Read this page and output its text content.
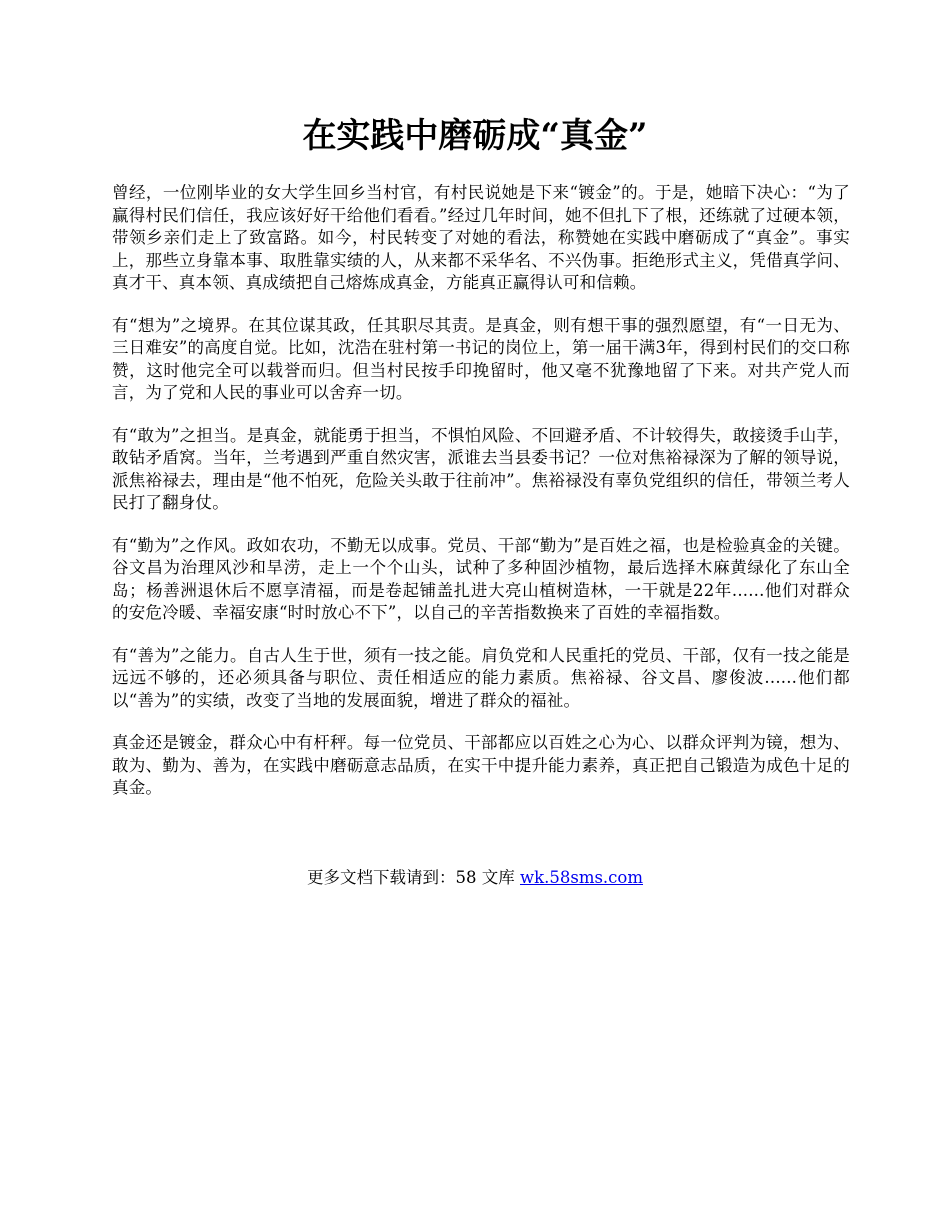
在实践中磨砺成“真金”

曾经，一位刚毕业的女大学生回乡当村官，有村民说她是下来“镀金”的。于是，她暗下决心：“为了赢得村民们信任，我应该好好干给他们看看。”经过几年时间，她不但扎下了根，还练就了过硬本领，带领乡亲们走上了致富路。如今，村民转变了对她的看法，称赞她在实践中磨砺成了“真金”。事实上，那些立身靠本事、取胜靠实绩的人，从来都不采华名、不兴伪事。拒绝形式主义，凭借真学问、真才干、真本领、真成绩把自己熔炼成真金，方能真正赢得认可和信赖。

有“想为”之境界。在其位谋其政，任其职尽其责。是真金，则有想干事的强烈愿望，有“一日无为、三日难安”的高度自觉。比如，沈浩在驻村第一书记的岗位上，第一届干满3年，得到村民们的交口称赞，这时他完全可以载誉而归。但当村民按手印挽留时，他又毫不犹豫地留了下来。对共产党人而言，为了党和人民的事业可以舍弃一切。

有“敢为”之担当。是真金，就能勇于担当，不惧怕风险、不回避矛盾、不计较得失，敢接烫手山芋，敢钻矛盾窝。当年，兰考遇到严重自然灾害，派谁去当县委书记？一位对焦裕禄深为了解的领导说，派焦裕禄去，理由是“他不怕死，危险关头敢于往前冲”。焦裕禄没有辜负党组织的信任，带领兰考人民打了翻身仗。

有“勤为”之作风。政如农功，不勤无以成事。党员、干部“勤为”是百姓之福，也是检验真金的关键。谷文昌为治理风沙和旱涝，走上一个个山头，试种了多种固沙植物，最后选择木麻黄绿化了东山全岛；杨善洲退休后不愿享清福，而是卷起铺盖扎进大亮山植树造林，一干就是22年......他们对群众的安危冷暖、幸福安康“时时放心不下”，以自己的辛苦指数换来了百姓的幸福指数。

有“善为”之能力。自古人生于世，须有一技之能。肩负党和人民重托的党员、干部，仅有一技之能是远远不够的，还必须具备与职位、责任相适应的能力素质。焦裕禄、谷文昌、廖俊波......他们都以“善为”的实绩，改变了当地的发展面貌，增进了群众的福祉。

真金还是镀金，群众心中有杆秤。每一位党员、干部都应以百姓之心为心、以群众评判为镜，想为、敢为、勤为、善为，在实践中磨砺意志品质，在实干中提升能力素养，真正把自己锻造为成色十足的真金。

更多文档下载请到：58 文库 wk.58sms.com
